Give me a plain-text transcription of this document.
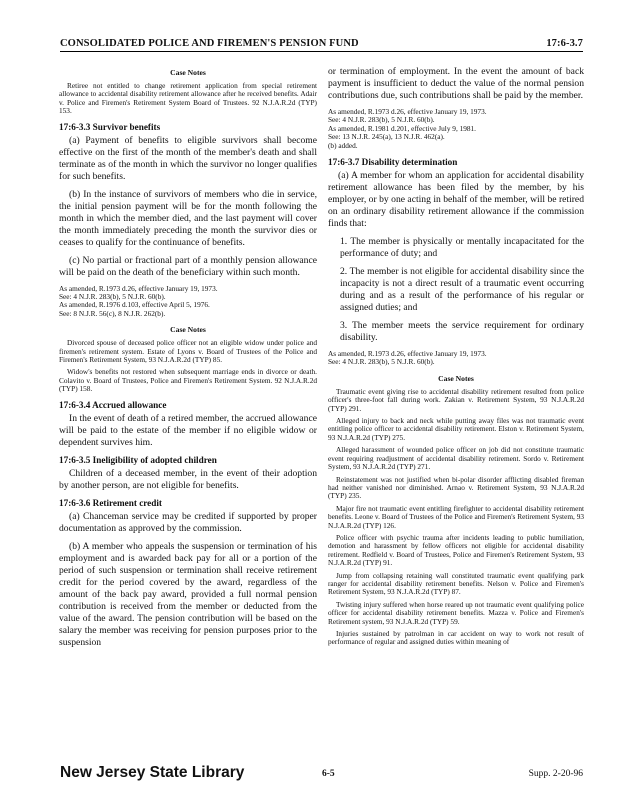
CONSOLIDATED POLICE AND FIREMEN'S PENSION FUND	17:6-3.7

Case Notes

Retiree not entitled to change retirement application from special retirement allowance to accidental disability retirement allowance after he received benefits. Adair v. Police and Firemen's Retirement System Board of Trustees. 92 N.J.A.R.2d (TYP) 153.

17:6-3.3 Survivor benefits

(a) Payment of benefits to eligible survivors shall become effective on the first of the month of the member's death and shall terminate as of the month in which the survivor no longer qualifies for such benefits.

(b) In the instance of survivors of members who die in service, the initial pension payment will be for the month following the month in which the member died, and the last payment will cover the month immediately preceding the month the survivor dies or ceases to qualify for the continuance of benefits.

(c) No partial or fractional part of a monthly pension allowance will be paid on the death of the beneficiary within such month.

As amended, R.1973 d.26, effective January 19, 1973.
See: 4 N.J.R. 283(b), 5 N.J.R. 60(b).
As amended, R.1976 d.103, effective April 5, 1976.
See: 8 N.J.R. 56(c), 8 N.J.R. 262(b).

Case Notes

Divorced spouse of deceased police officer not an eligible widow under police and firemen's retirement system. Estate of Lyons v. Board of Trustees of the Police and Firemen's Retirement System, 93 N.J.A.R.2d (TYP) 85.

Widow's benefits not restored when subsequent marriage ends in divorce or death. Colavito v. Board of Trustees, Police and Firemen's Retirement System. 92 N.J.A.R.2d (TYP) 158.

17:6-3.4 Accrued allowance

In the event of death of a retired member, the accrued allowance will be paid to the estate of the member if no eligible widow or dependent survives him.

17:6-3.5 Ineligibility of adopted children

Children of a deceased member, in the event of their adoption by another person, are not eligible for benefits.

17:6-3.6 Retirement credit

(a) Chanceman service may be credited if supported by proper documentation as approved by the commission.

(b) A member who appeals the suspension or termination of his employment and is awarded back pay for all or a portion of the period of such suspension or termination shall receive retirement credit for the period covered by the award, regardless of the amount of the back pay award, provided a full normal pension contribution is received from the member or deducted from the value of the award. The pension contribution will be based on the salary the member was receiving for pension purposes prior to the suspension

or termination of employment. In the event the amount of back payment is insufficient to deduct the value of the normal pension contributions due, such contributions shall be paid by the member.

As amended, R.1973 d.26, effective January 19, 1973.
See: 4 N.J.R. 283(b), 5 N.J.R. 60(b).
As amended, R.1981 d.201, effective July 9, 1981.
See: 13 N.J.R. 245(a), 13 N.J.R. 462(a).
(b) added.

17:6-3.7 Disability determination

(a) A member for whom an application for accidental disability retirement allowance has been filed by the member, by his employer, or by one acting in behalf of the member, will be retired on an ordinary disability retirement allowance if the commission finds that:

1. The member is physically or mentally incapacitated for the performance of duty; and

2. The member is not eligible for accidental disability since the incapacity is not a direct result of a traumatic event occurring during and as a result of the performance of his regular or assigned duties; and

3. The member meets the service requirement for ordinary disability.

As amended, R.1973 d.26, effective January 19, 1973.
See: 4 N.J.R. 283(b), 5 N.J.R. 60(b).

Case Notes

Traumatic event giving rise to accidental disability retirement resulted from police officer's three-foot fall during work. Zakian v. Retirement System, 93 N.J.A.R.2d (TYP) 291.

Alleged injury to back and neck while putting away files was not traumatic event entitling police officer to accidental disability retirement. Elston v. Retirement System, 93 N.J.A.R.2d (TYP) 275.

Alleged harassment of wounded police officer on job did not constitute traumatic event requiring readjustment of accidental disability retirement. Sordo v. Retirement System, 93 N.J.A.R.2d (TYP) 271.

Reinstatement was not justified when bi-polar disorder afflicting disabled fireman had neither vanished nor diminished. Arnao v. Retirement System, 93 N.J.A.R.2d (TYP) 235.

Major fire not traumatic event entitling firefighter to accidental disability retirement benefits. Leone v. Board of Trustees of the Police and Firemen's Retirement System, 93 N.J.A.R.2d (TYP) 126.

Police officer with psychic trauma after incidents leading to public humiliation, demotion and harassment by fellow officers not eligible for accidental disability retirement. Redfield v. Board of Trustees, Police and Firemen's Retirement System, 93 N.J.A.R.2d (TYP) 91.

Jump from collapsing retaining wall constituted traumatic event qualifying park ranger for accidental disability retirement benefits. Nelson v. Police and Firemen's Retirement System, 93 N.J.A.R.2d (TYP) 87.

Twisting injury suffered when horse reared up not traumatic event qualifying police officer for accidental disability retirement benefits. Mazza v. Police and Firemen's Retirement system, 93 N.J.A.R.2d (TYP) 59.

Injuries sustained by patrolman in car accident on way to work not result of performance of regular and assigned duties within meaning of

New Jersey State Library	6-5	Supp. 2-20-96
